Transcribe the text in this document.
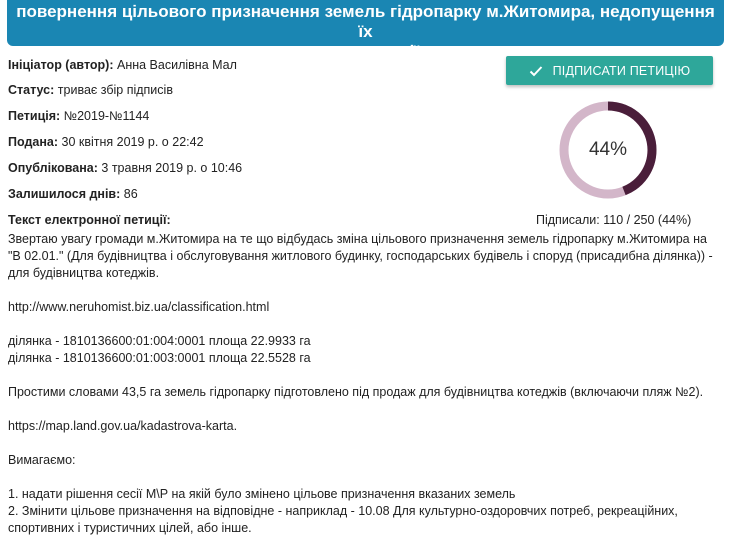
повернення цільового призначення земель гідропарку м.Житомира, недопущення їх
приватизації
Ініціатор (автор): Анна Василівна Мал
Статус: триває збір підписів
Петиція: №2019-№1144
Подана: 30 квітня 2019 р. о 22:42
Опублікована: 3 травня 2019 р. о 10:46
Залишилося днів: 86
ПІДПИСАТИ ПЕТИЦІЮ
44%
Підписали: 110 / 250 (44%)
Текст електронної петиції:

Звертаю увагу громади м.Житомира на те що відбудась зміна цільового призначення земель гідропарку м.Житомира на "В 02.01." (Для будівництва і обслуговування житлового будинку, господарських будівель і споруд (присадибна ділянка)) - для будівництва котеджів.

http://www.neruhomist.biz.ua/classification.html

ділянка - 1810136600:01:004:0001 площа 22.9933 га

ділянка - 1810136600:01:003:0001 площа 22.5528 га

Простими словами 43,5 га земель гідропарку підготовлено під продаж для будівництва котеджів (включаючи пляж №2).

https://map.land.gov.ua/kadastrova-karta.

Вимагаємо:

1. надати рішення сесії М\Р на якій було змінено цільове призначення вказаних земель

2. Змінити цільове призначення на відповідне - наприклад - 10.08 Для культурно-оздоровчих потреб, рекреаційних, спортивних і туристичних цілей, або інше.
